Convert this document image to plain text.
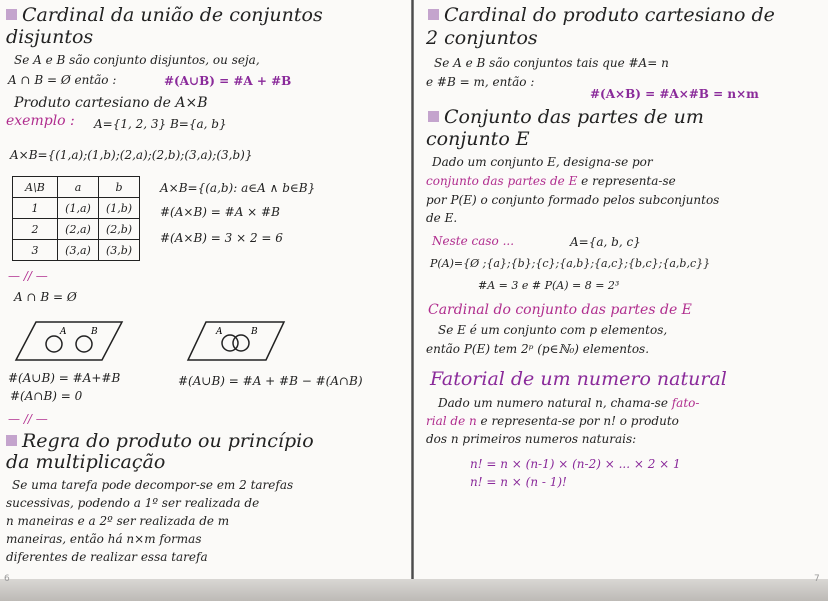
Cardinal da união de conjuntos

disjuntos

Se A e B são conjunto disjuntos, ou seja,

A ∩ B = Ø então :	#(A∪B) = #A + #B

Produto cartesiano de A×B

exemplo : A={1, 2, 3} B={a, b}

A×B={(1,a);(1,b);(2,a);(2,b);(3,a);(3,b)}

A\B	a	b
1	(1,a)	(1,b)
2	(2,a)	(2,b)
3	(3,a)	(3,b)

A×B={(a,b): a∈A ∧ b∈B}

#(A×B) = #A × #B

#(A×B) = 3 × 2 = 6

— // —

A ∩ B = Ø

A	B	A	B

#(A∪B) = #A+#B

#(A∩B) = 0

#(A∪B) = #A + #B − #(A∩B)

— // —

Regra do produto ou princípio

da multiplicação

Se uma tarefa pode decompor-se em 2 tarefas

sucessivas, podendo a 1º ser realizada de

n maneiras e a 2º ser realizada de m

maneiras, então há n×m formas

diferentes de realizar essa tarefa

6

Cardinal do produto cartesiano de

2 conjuntos

Se A e B são conjuntos tais que #A= n

e #B = m, então :

#(A×B) = #A×#B = n×m

Conjunto das partes de um

conjunto E

Dado um conjunto E, designa-se por

conjunto das partes de E e representa-se

por P(E) o conjunto formado pelos subconjuntos

de E.

Neste caso ...	A={a, b, c}

P(A)={Ø ;{a};{b};{c};{a,b};{a,c};{b,c};{a,b,c}}

#A = 3 e # P(A) = 8 = 2³

Cardinal do conjunto das partes de E

Se E é um conjunto com p elementos,

então P(E) tem 2ᵖ (p∈ℕ₀) elementos.

Fatorial de um numero natural

Dado um numero natural n, chama-se fato-

rial de n e representa-se por n! o produto

dos n primeiros numeros naturais:

n! = n × (n-1) × (n-2) × ... × 2 × 1

n! = n × (n - 1)!

7
